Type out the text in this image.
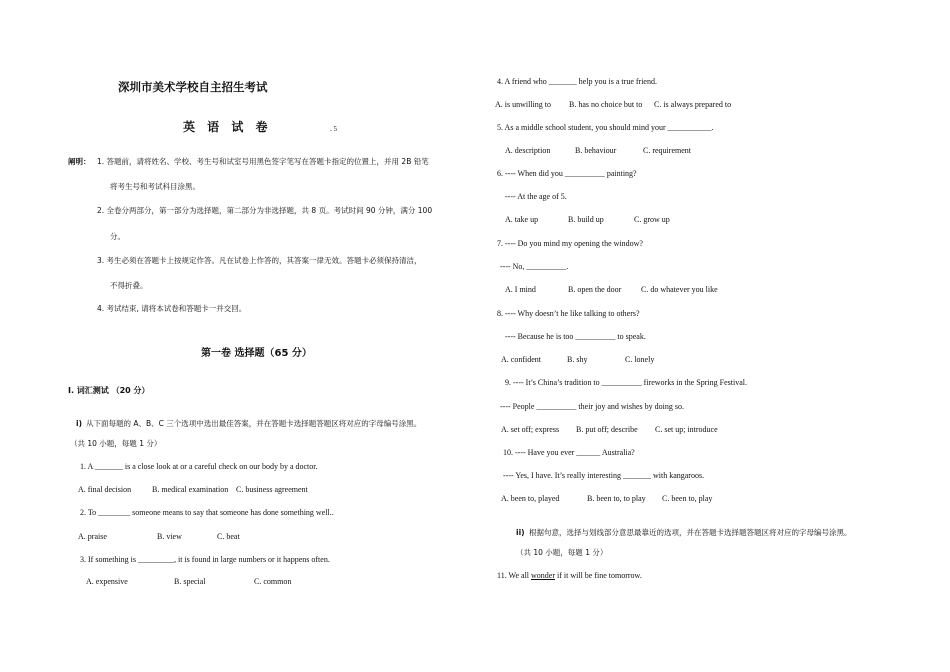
深圳市美术学校自主招生考试
英 语 试 卷	. 5
阐明： 1. 答题前，请将姓名、学校、考生号和试室号用黑色签字笔写在答题卡指定的位置上，并用 2B 铅笔
将考生号和考试科目涂黑。
2. 全卷分两部分，第一部分为选择题，第二部分为非选择题，共 8 页。考试时间 90 分钟，满分 100
分。
3. 考生必须在答题卡上按规定作答。凡在试卷上作答的，其答案一律无效。答题卡必须保持清洁，
不得折叠。
4. 考试结束, 请将本试卷和答题卡一并交回。
第一卷 选择题（65 分）
I. 词汇测试 （20 分）
i) 从下面每题的 A、B、C 三个选项中选出最佳答案，并在答题卡选择题答题区将对应的字母编号涂黑。
（共 10 小题，每题 1 分）
1. A _______ is a close look at or a careful check on our body by a doctor.
A. final decision	B. medical examination C. business agreement
2. To ________ someone means to say that someone has done something well..
A. praise	B. view	C. beat
3. If something is _________, it is found in large numbers or it happens often.
A. expensive	B. special	C. common
4. A friend who _______ help you is a true friend.
A. is unwilling to B. has no choice but to C. is always prepared to
5. As a middle school student, you should mind your ___________.
A. description	B. behaviour	C. requirement
6. ---- When did you __________ painting?
---- At the age of 5.
A. take up	B. build up	C. grow up
7. ---- Do you mind my opening the window?
---- No, __________.
A. I mind	B. open the door C. do whatever you like
8. ---- Why doesn’t he like talking to others?
---- Because he is too __________ to speak.
A. confident	B. shy	C. lonely
9. ---- It’s China’s tradition to __________ fireworks in the Spring Festival.
---- People __________ their joy and wishes by doing so.
A. set off; express B. put off; describe C. set up; introduce
10. ---- Have you ever ______ Australia?
---- Yes, I have. It’s really interesting _______ with kangaroos.
A. been to, played	B. been to, to play C. been to, play
ii) 根据句意，选择与划线部分意思最靠近的选项，并在答题卡选择题答题区将对应的字母编号涂黑。
（共 10 小题，每题 1 分）
11. We all wonder if it will be fine tomorrow.
